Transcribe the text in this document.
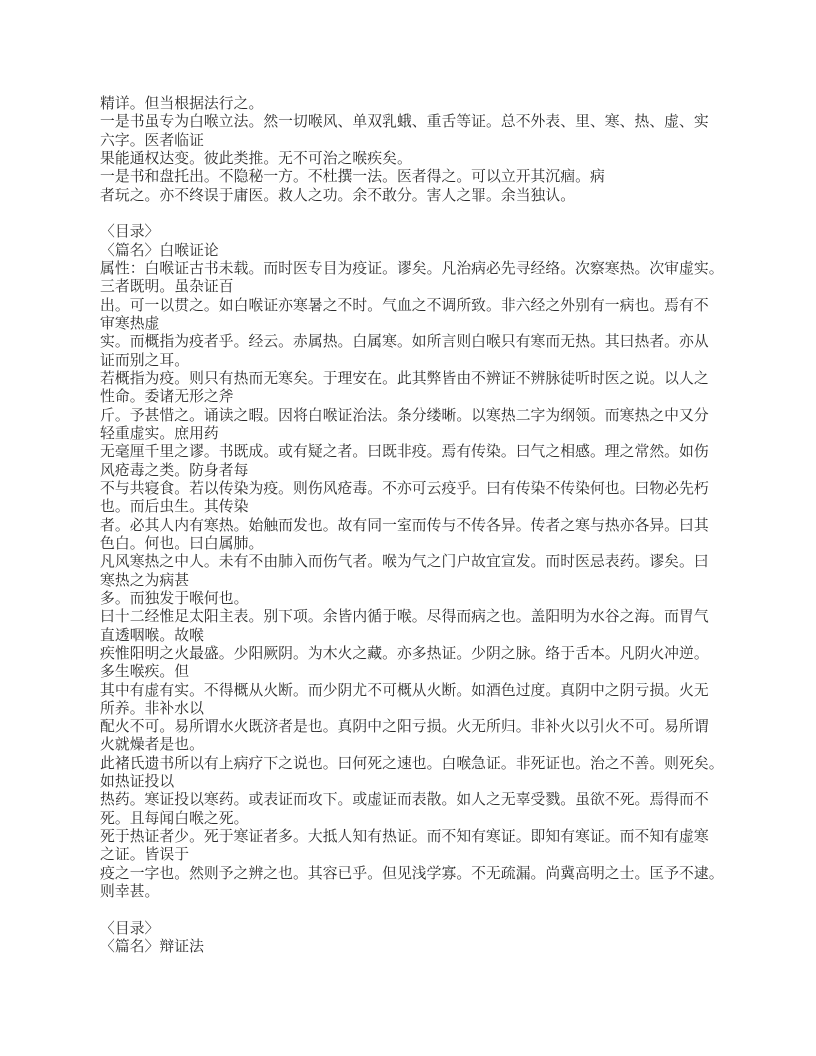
精详。但当根据法行之。
一是书虽专为白喉立法。然一切喉风、单双乳蛾、重舌等证。总不外表、里、寒、热、虚、实
六字。医者临证
果能通权达变。彼此类推。无不可治之喉疾矣。
一是书和盘托出。不隐秘一方。不杜撰一法。医者得之。可以立开其沉痼。病
者玩之。亦不终误于庸医。救人之功。余不敢分。害人之罪。余当独认。
〈目录〉
〈篇名〉白喉证论
属性：白喉证古书未载。而时医专目为疫证。谬矣。凡治病必先寻经络。次察寒热。次审虚实。
三者既明。虽杂证百
出。可一以贯之。如白喉证亦寒暑之不时。气血之不调所致。非六经之外别有一病也。焉有不
审寒热虚
实。而概指为疫者乎。经云。赤属热。白属寒。如所言则白喉只有寒而无热。其曰热者。亦从
证而别之耳。
若概指为疫。则只有热而无寒矣。于理安在。此其弊皆由不辨证不辨脉徒听时医之说。以人之
性命。委诸无形之斧
斤。予甚惜之。诵读之暇。因将白喉证治法。条分缕晰。以寒热二字为纲领。而寒热之中又分
轻重虚实。庶用药
无毫厘千里之谬。书既成。或有疑之者。曰既非疫。焉有传染。曰气之相感。理之常然。如伤
风疮毒之类。防身者每
不与共寝食。若以传染为疫。则伤风疮毒。不亦可云疫乎。曰有传染不传染何也。曰物必先朽
也。而后虫生。其传染
者。必其人内有寒热。始触而发也。故有同一室而传与不传各异。传者之寒与热亦各异。曰其
色白。何也。曰白属肺。
凡风寒热之中人。未有不由肺入而伤气者。喉为气之门户故宜宣发。而时医忌表药。谬矣。曰
寒热之为病甚
多。而独发于喉何也。
曰十二经惟足太阳主表。别下项。余皆内循于喉。尽得而病之也。盖阳明为水谷之海。而胃气
直透咽喉。故喉
疾惟阳明之火最盛。少阳厥阴。为木火之藏。亦多热证。少阴之脉。络于舌本。凡阴火冲逆。
多生喉疾。但
其中有虚有实。不得概从火断。而少阴尤不可概从火断。如酒色过度。真阴中之阴亏损。火无
所养。非补水以
配火不可。易所谓水火既济者是也。真阴中之阳亏损。火无所归。非补火以引火不可。易所谓
火就燥者是也。
此褚氏遗书所以有上病疗下之说也。曰何死之速也。白喉急证。非死证也。治之不善。则死矣。
如热证投以
热药。寒证投以寒药。或表证而攻下。或虚证而表散。如人之无辜受戮。虽欲不死。焉得而不
死。且每闻白喉之死。
死于热证者少。死于寒证者多。大抵人知有热证。而不知有寒证。即知有寒证。而不知有虚寒
之证。皆误于
疫之一字也。然则予之辨之也。其容已乎。但见浅学寡。不无疏漏。尚冀高明之士。匡予不逮。
则幸甚。
〈目录〉
〈篇名〉辩证法
